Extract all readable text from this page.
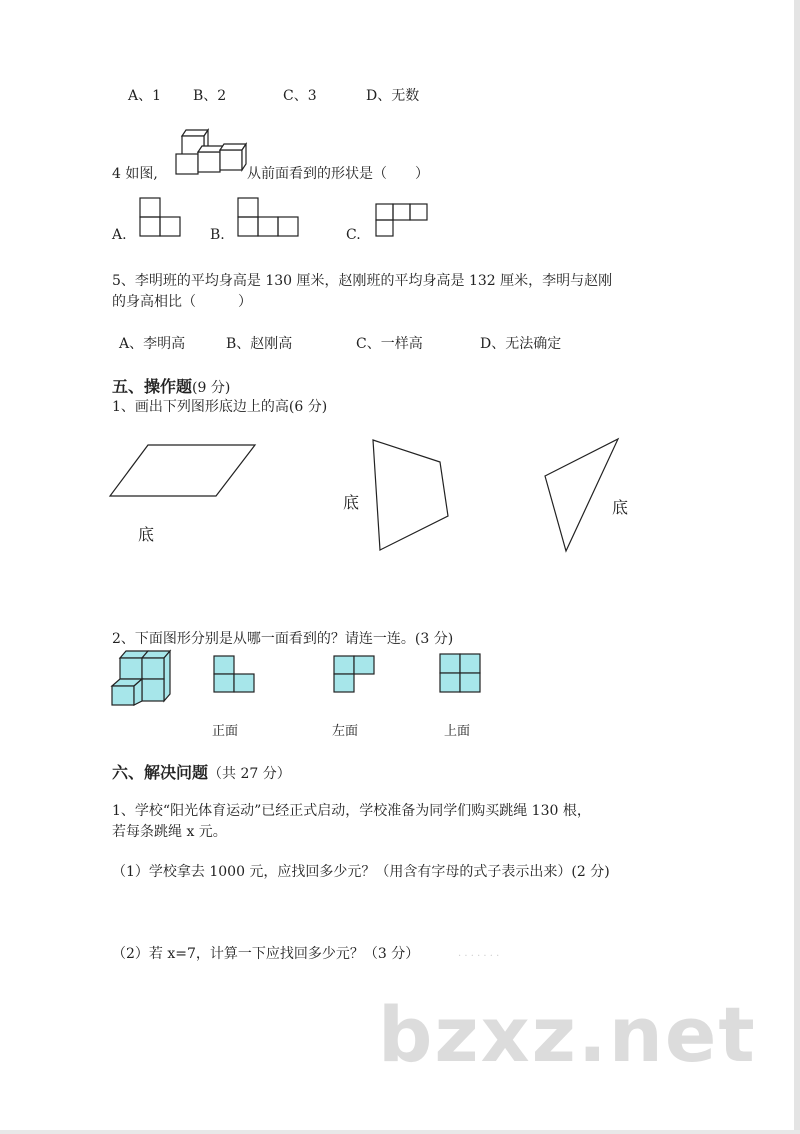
A、1 B、2	C、3	D、无数
4 如图,	从前面看到的形状是（　　）
A.	B.	C.
5、李明班的平均身高是 130 厘米，赵刚班的平均身高是 132 厘米，李明与赵刚
的身高相比（　　　）
A、李明高	B、赵刚高	C、一样高	D、无法确定
五、操作题(9 分)
1、画出下列图形底边上的高(6 分)
底
底	底
2、下面图形分别是从哪一面看到的？请连一连。(3 分)
正面	左面	上面
六、解决问题（共 27 分）
1、学校“阳光体育运动”已经正式启动，学校准备为同学们购买跳绳 130 根，
若每条跳绳 x 元。
（1）学校拿去 1000 元，应找回多少元？（用含有字母的式子表示出来）(2 分)
（2）若 x=7，计算一下应找回多少元？（3 分）	· · · · · · ·
bzxz.net
